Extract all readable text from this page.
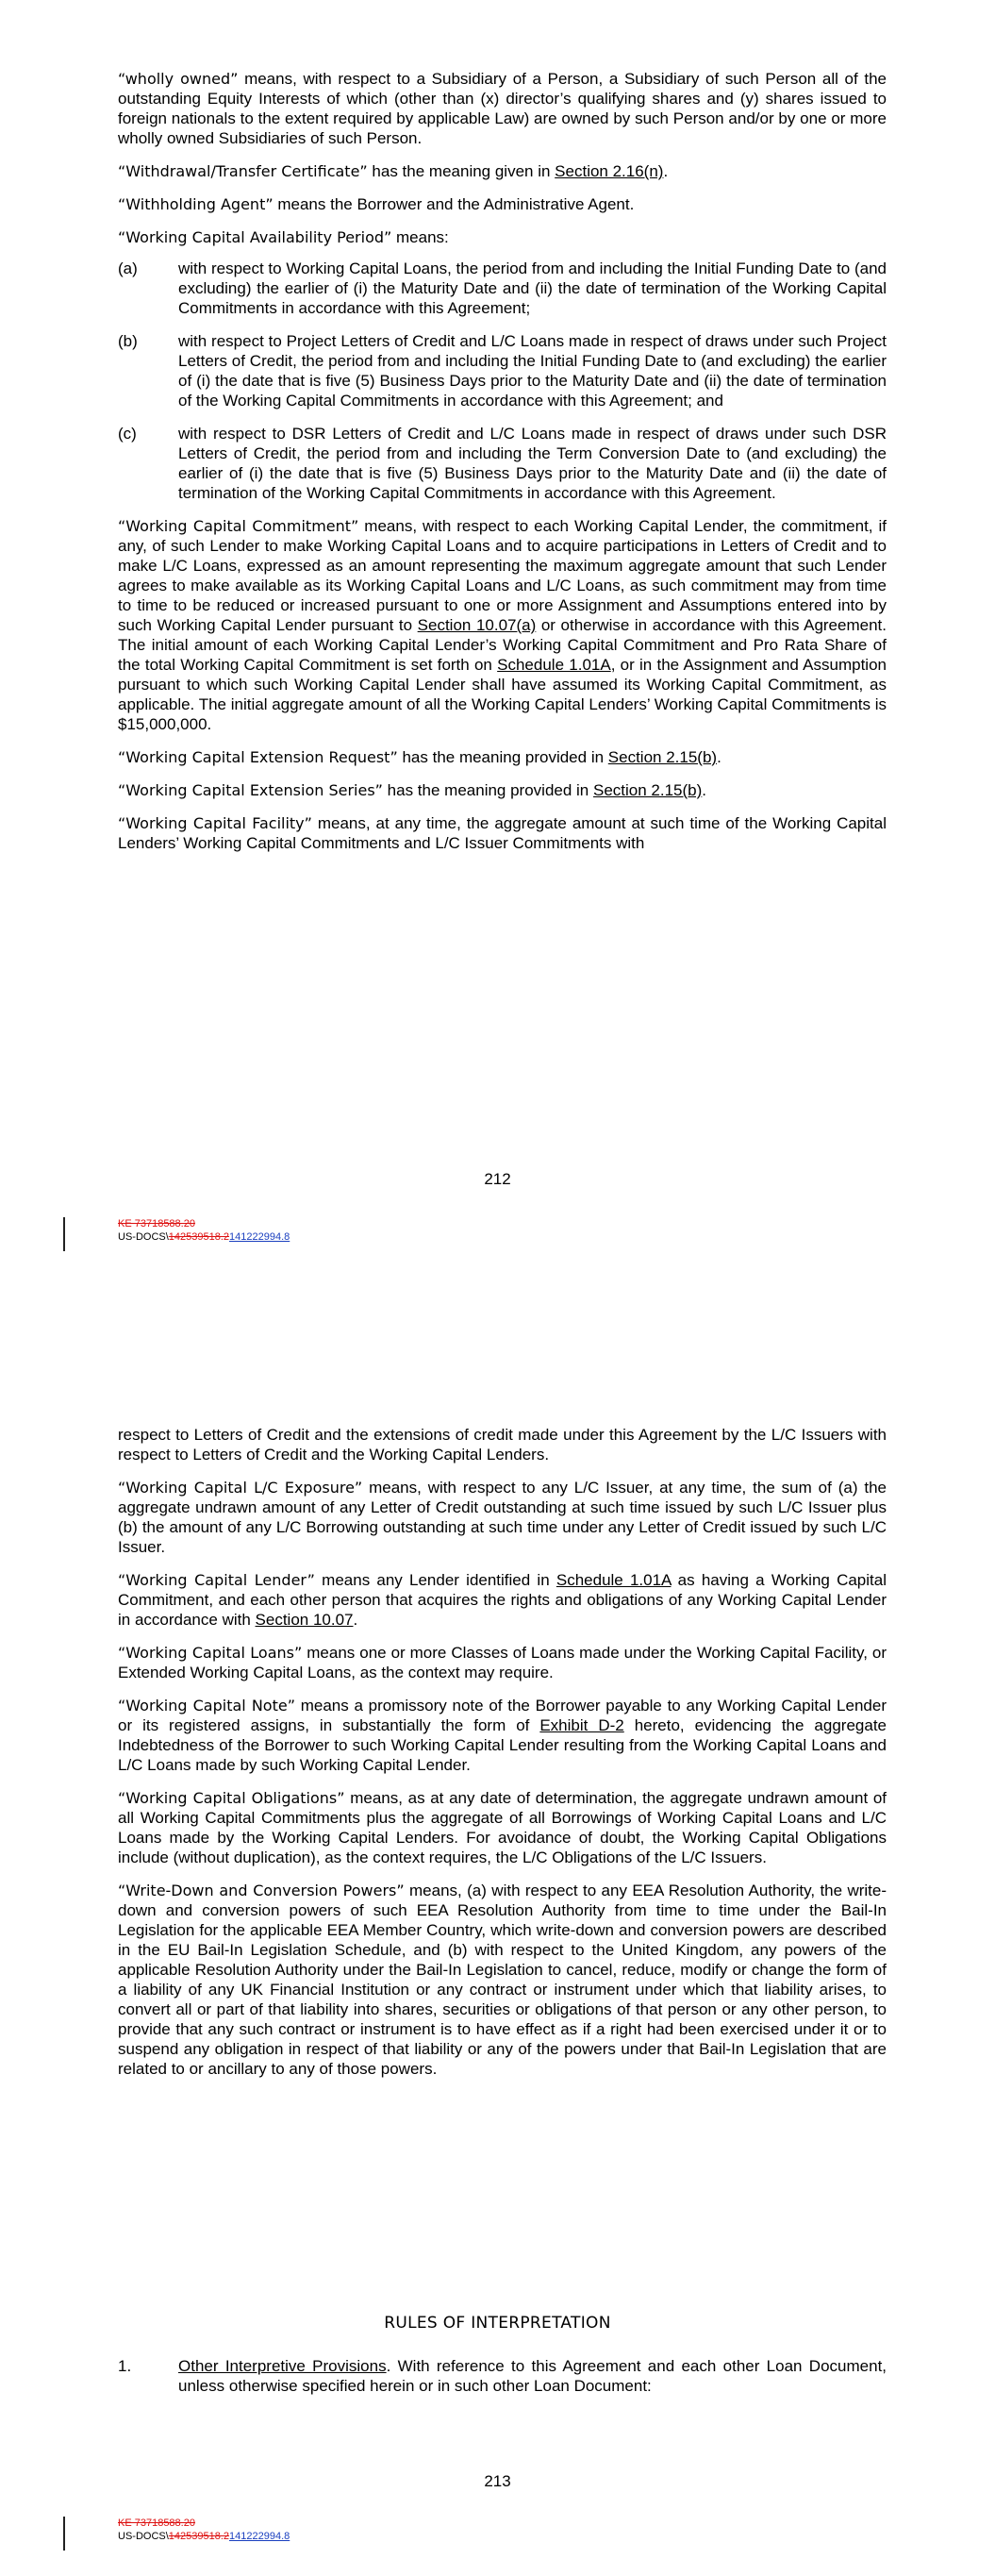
“wholly owned” means, with respect to a Subsidiary of a Person, a Subsidiary of such Person all of the outstanding Equity Interests of which (other than (x) director’s qualifying shares and (y) shares issued to foreign nationals to the extent required by applicable Law) are owned by such Person and/or by one or more wholly owned Subsidiaries of such Person.

“Withdrawal/Transfer Certificate” has the meaning given in Section 2.16(n).

“Withholding Agent” means the Borrower and the Administrative Agent.

“Working Capital Availability Period” means:

(a)	with respect to Working Capital Loans, the period from and including the Initial Funding Date to (and excluding) the earlier of (i) the Maturity Date and (ii) the date of termination of the Working Capital Commitments in accordance with this Agreement;

(b)	with respect to Project Letters of Credit and L/C Loans made in respect of draws under such Project Letters of Credit, the period from and including the Initial Funding Date to (and excluding) the earlier of (i) the date that is five (5) Business Days prior to the Maturity Date and (ii) the date of termination of the Working Capital Commitments in accordance with this Agreement; and

(c)	with respect to DSR Letters of Credit and L/C Loans made in respect of draws under such DSR Letters of Credit, the period from and including the Term Conversion Date to (and excluding) the earlier of (i) the date that is five (5) Business Days prior to the Maturity Date and (ii) the date of termination of the Working Capital Commitments in accordance with this Agreement.

“Working Capital Commitment” means, with respect to each Working Capital Lender, the commitment, if any, of such Lender to make Working Capital Loans and to acquire participations in Letters of Credit and to make L/C Loans, expressed as an amount representing the maximum aggregate amount that such Lender agrees to make available as its Working Capital Loans and L/C Loans, as such commitment may from time to time to be reduced or increased pursuant to one or more Assignment and Assumptions entered into by such Working Capital Lender pursuant to Section 10.07(a) or otherwise in accordance with this Agreement. The initial amount of each Working Capital Lender’s Working Capital Commitment and Pro Rata Share of the total Working Capital Commitment is set forth on Schedule 1.01A, or in the Assignment and Assumption pursuant to which such Working Capital Lender shall have assumed its Working Capital Commitment, as applicable. The initial aggregate amount of all the Working Capital Lenders’ Working Capital Commitments is $15,000,000.

“Working Capital Extension Request” has the meaning provided in Section 2.15(b).

“Working Capital Extension Series” has the meaning provided in Section 2.15(b).

“Working Capital Facility” means, at any time, the aggregate amount at such time of the Working Capital Lenders’ Working Capital Commitments and L/C Issuer Commitments with

212
KE 73718588.20
US-DOCS\142539518.2141222994.8

respect to Letters of Credit and the extensions of credit made under this Agreement by the L/C Issuers with respect to Letters of Credit and the Working Capital Lenders.

“Working Capital L/C Exposure” means, with respect to any L/C Issuer, at any time, the sum of (a) the aggregate undrawn amount of any Letter of Credit outstanding at such time issued by such L/C Issuer plus (b) the amount of any L/C Borrowing outstanding at such time under any Letter of Credit issued by such L/C Issuer.

“Working Capital Lender” means any Lender identified in Schedule 1.01A as having a Working Capital Commitment, and each other person that acquires the rights and obligations of any Working Capital Lender in accordance with Section 10.07.

“Working Capital Loans” means one or more Classes of Loans made under the Working Capital Facility, or Extended Working Capital Loans, as the context may require.

“Working Capital Note” means a promissory note of the Borrower payable to any Working Capital Lender or its registered assigns, in substantially the form of Exhibit D-2 hereto, evidencing the aggregate Indebtedness of the Borrower to such Working Capital Lender resulting from the Working Capital Loans and L/C Loans made by such Working Capital Lender.

“Working Capital Obligations” means, as at any date of determination, the aggregate undrawn amount of all Working Capital Commitments plus the aggregate of all Borrowings of Working Capital Loans and L/C Loans made by the Working Capital Lenders. For avoidance of doubt, the Working Capital Obligations include (without duplication), as the context requires, the L/C Obligations of the L/C Issuers.

“Write-Down and Conversion Powers” means, (a) with respect to any EEA Resolution Authority, the write-down and conversion powers of such EEA Resolution Authority from time to time under the Bail-In Legislation for the applicable EEA Member Country, which write-down and conversion powers are described in the EU Bail-In Legislation Schedule, and (b) with respect to the United Kingdom, any powers of the applicable Resolution Authority under the Bail-In Legislation to cancel, reduce, modify or change the form of a liability of any UK Financial Institution or any contract or instrument under which that liability arises, to convert all or part of that liability into shares, securities or obligations of that person or any other person, to provide that any such contract or instrument is to have effect as if a right had been exercised under it or to suspend any obligation in respect of that liability or any of the powers under that Bail-In Legislation that are related to or ancillary to any of those powers.

RULES OF INTERPRETATION
1.	Other Interpretive Provisions. With reference to this Agreement and each other Loan Document, unless otherwise specified herein or in such other Loan Document:

213
KE 73718588.20
US-DOCS\142539518.2141222994.8
